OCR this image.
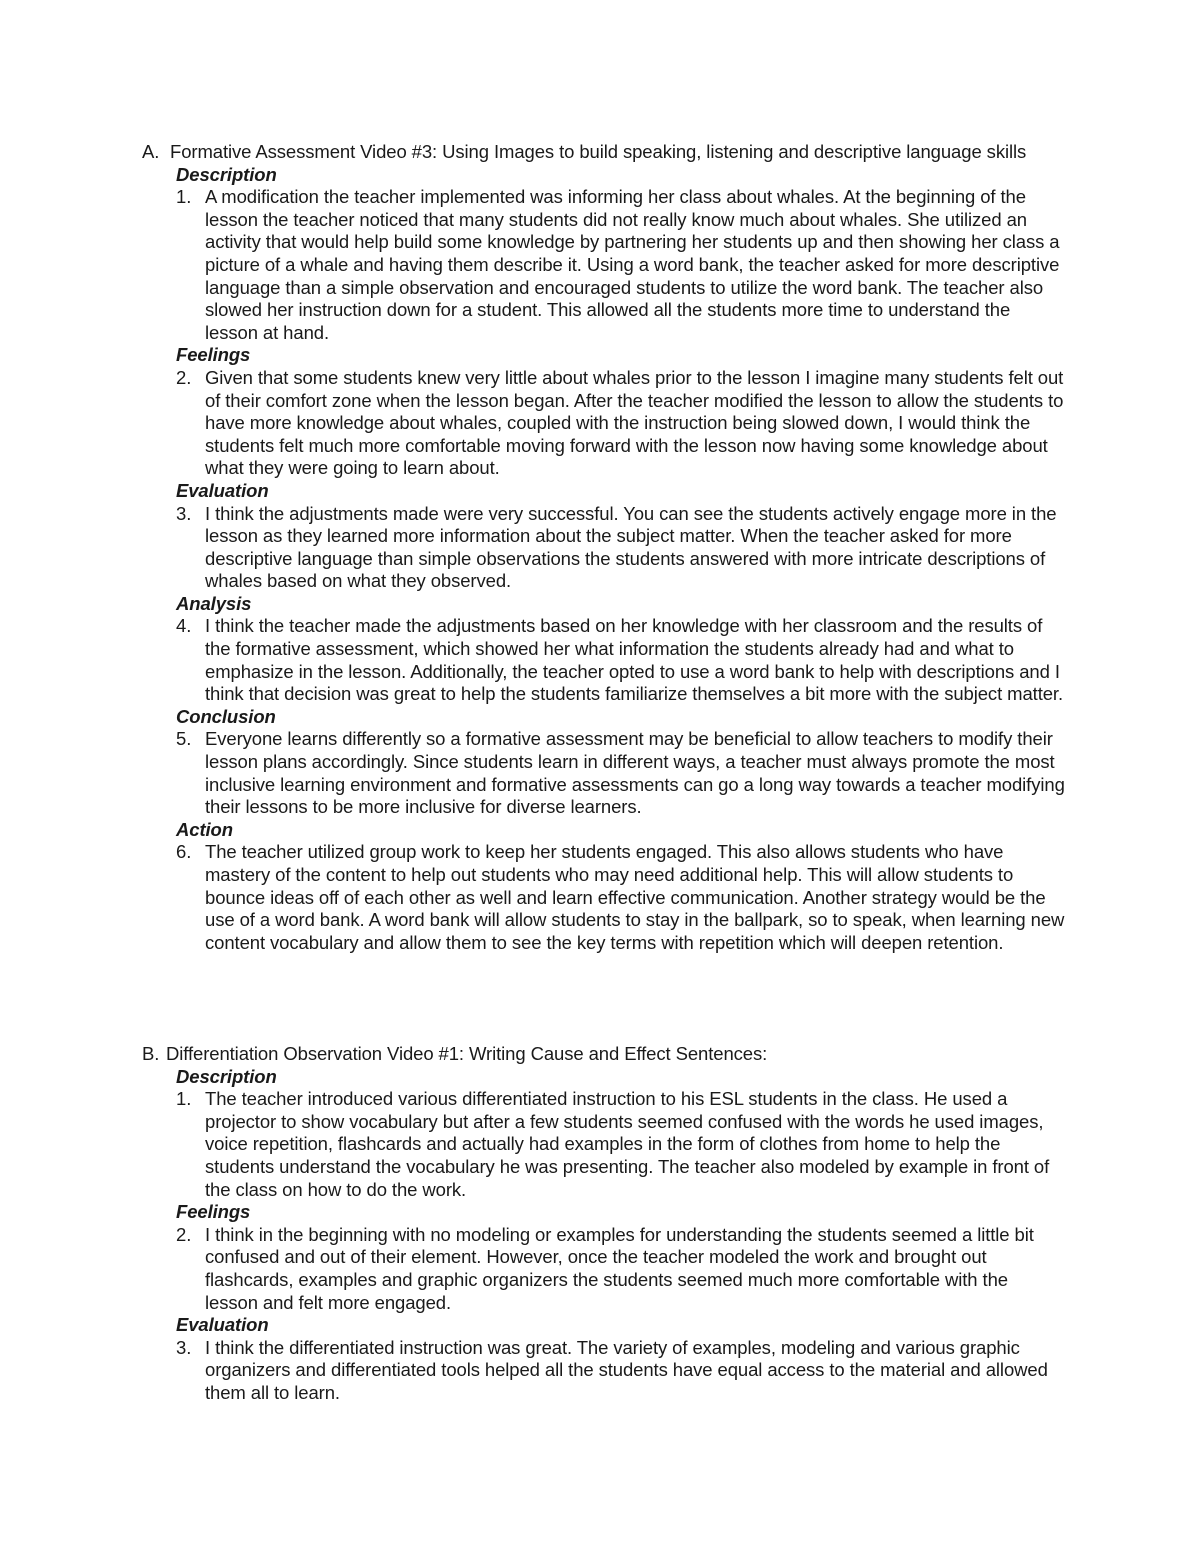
A. Formative Assessment Video #3: Using Images to build speaking, listening and descriptive language skills
Description
1. A modification the teacher implemented was informing her class about whales. At the beginning of the lesson the teacher noticed that many students did not really know much about whales. She utilized an activity that would help build some knowledge by partnering her students up and then showing her class a picture of a whale and having them describe it. Using a word bank, the teacher asked for more descriptive language than a simple observation and encouraged students to utilize the word bank. The teacher also slowed her instruction down for a student. This allowed all the students more time to understand the lesson at hand.
Feelings
2. Given that some students knew very little about whales prior to the lesson I imagine many students felt out of their comfort zone when the lesson began. After the teacher modified the lesson to allow the students to have more knowledge about whales, coupled with the instruction being slowed down, I would think the students felt much more comfortable moving forward with the lesson now having some knowledge about what they were going to learn about.
Evaluation
3. I think the adjustments made were very successful. You can see the students actively engage more in the lesson as they learned more information about the subject matter. When the teacher asked for more descriptive language than simple observations the students answered with more intricate descriptions of whales based on what they observed.
Analysis
4. I think the teacher made the adjustments based on her knowledge with her classroom and the results of the formative assessment, which showed her what information the students already had and what to emphasize in the lesson. Additionally, the teacher opted to use a word bank to help with descriptions and I think that decision was great to help the students familiarize themselves a bit more with the subject matter.
Conclusion
5. Everyone learns differently so a formative assessment may be beneficial to allow teachers to modify their lesson plans accordingly. Since students learn in different ways, a teacher must always promote the most inclusive learning environment and formative assessments can go a long way towards a teacher modifying their lessons to be more inclusive for diverse learners.
Action
6. The teacher utilized group work to keep her students engaged. This also allows students who have mastery of the content to help out students who may need additional help. This will allow students to bounce ideas off of each other as well and learn effective communication. Another strategy would be the use of a word bank. A word bank will allow students to stay in the ballpark, so to speak, when learning new content vocabulary and allow them to see the key terms with repetition which will deepen retention.
B. Differentiation Observation Video #1: Writing Cause and Effect Sentences:
Description
1. The teacher introduced various differentiated instruction to his ESL students in the class. He used a projector to show vocabulary but after a few students seemed confused with the words he used images, voice repetition, flashcards and actually had examples in the form of clothes from home to help the students understand the vocabulary he was presenting. The teacher also modeled by example in front of the class on how to do the work.
Feelings
2. I think in the beginning with no modeling or examples for understanding the students seemed a little bit confused and out of their element. However, once the teacher modeled the work and brought out flashcards, examples and graphic organizers the students seemed much more comfortable with the lesson and felt more engaged.
Evaluation
3. I think the differentiated instruction was great. The variety of examples, modeling and various graphic organizers and differentiated tools helped all the students have equal access to the material and allowed them all to learn.
